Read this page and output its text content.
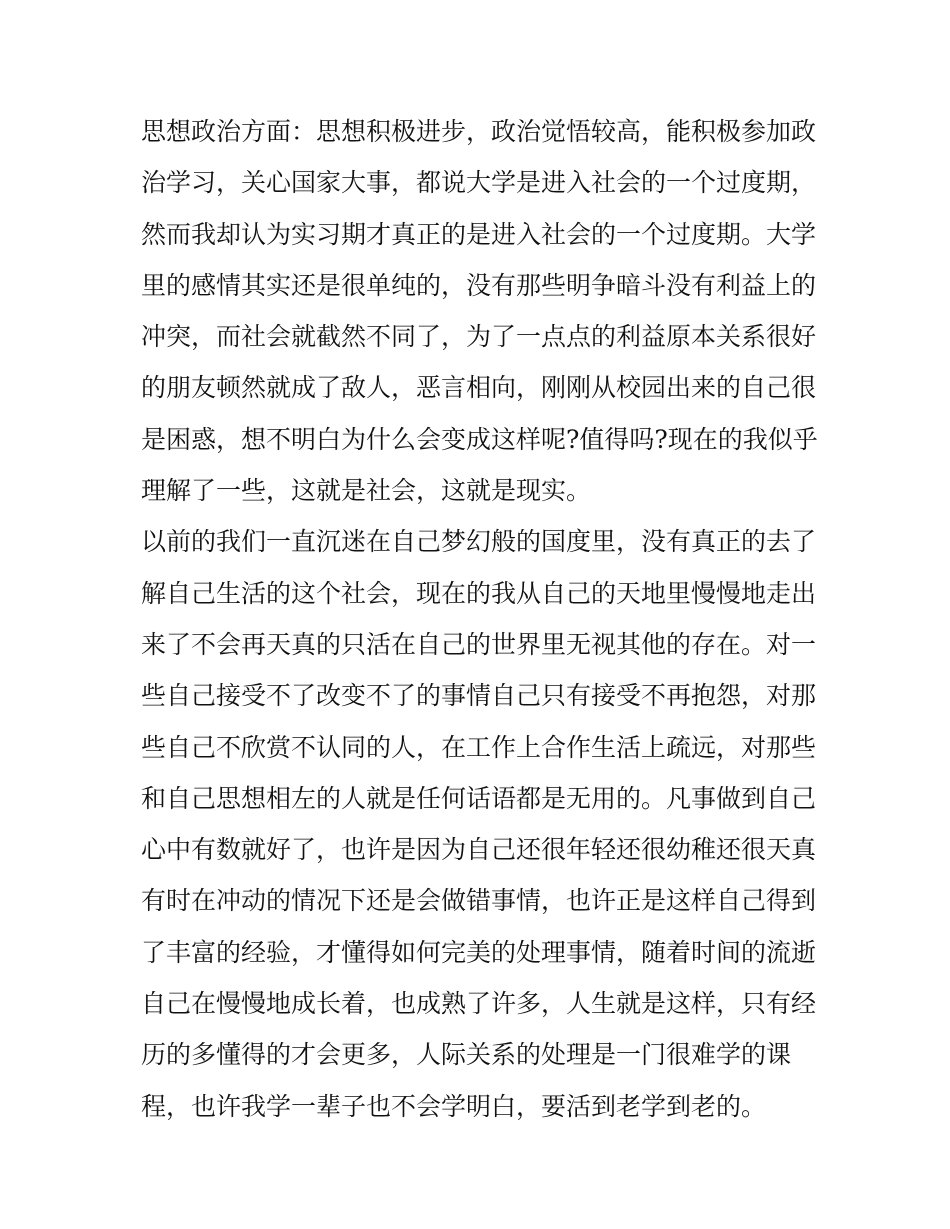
思想政治方面：思想积极进步，政治觉悟较高，能积极参加政
治学习，关心国家大事，都说大学是进入社会的一个过度期，
然而我却认为实习期才真正的是进入社会的一个过度期。大学
里的感情其实还是很单纯的，没有那些明争暗斗没有利益上的
冲突，而社会就截然不同了，为了一点点的利益原本关系很好
的朋友顿然就成了敌人，恶言相向，刚刚从校园出来的自己很
是困惑，想不明白为什么会变成这样呢?值得吗?现在的我似乎
理解了一些，这就是社会，这就是现实。
以前的我们一直沉迷在自己梦幻般的国度里，没有真正的去了
解自己生活的这个社会，现在的我从自己的天地里慢慢地走出
来了不会再天真的只活在自己的世界里无视其他的存在。对一
些自己接受不了改变不了的事情自己只有接受不再抱怨，对那
些自己不欣赏不认同的人，在工作上合作生活上疏远，对那些
和自己思想相左的人就是任何话语都是无用的。凡事做到自己
心中有数就好了，也许是因为自己还很年轻还很幼稚还很天真
有时在冲动的情况下还是会做错事情，也许正是这样自己得到
了丰富的经验，才懂得如何完美的处理事情，随着时间的流逝
自己在慢慢地成长着，也成熟了许多，人生就是这样，只有经
历的多懂得的才会更多，人际关系的处理是一门很难学的课
程，也许我学一辈子也不会学明白，要活到老学到老的。
